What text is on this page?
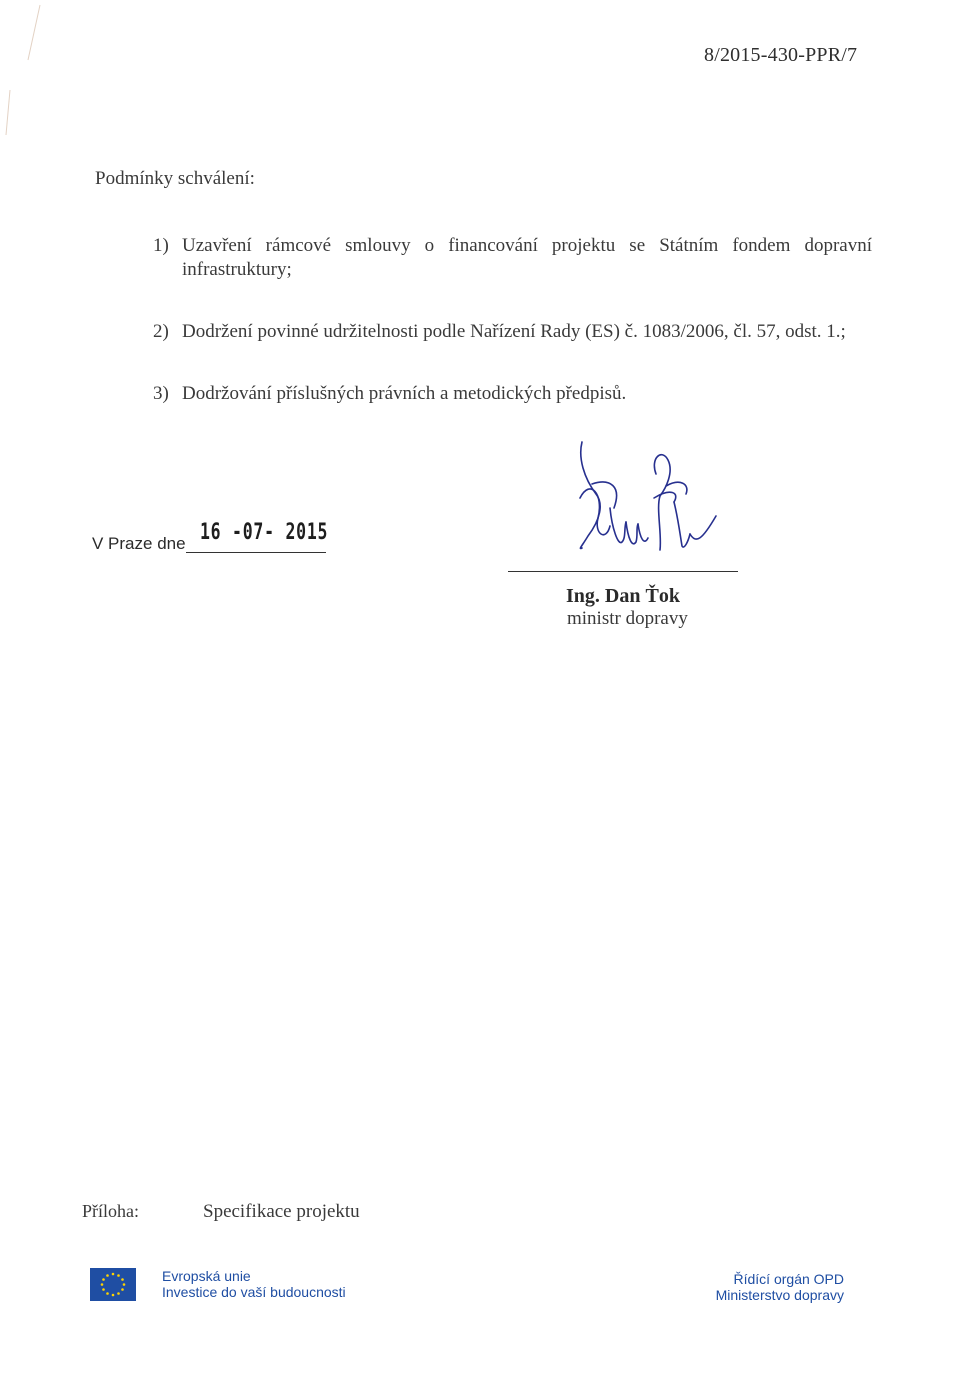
8/2015-430-PPR/7
Podmínky schválení:
1) Uzavření rámcové smlouvy o financování projektu se Státním fondem dopravní infrastruktury;
2) Dodržení povinné udržitelnosti podle Nařízení Rady (ES) č. 1083/2006, čl. 57, odst. 1.;
3) Dodržování příslušných právních a metodických předpisů.
V Praze dne 16 -07- 2015
Ing. Dan Ťok
ministr dopravy
Příloha:	Specifikace projektu
Evropská unie
Investice do vaší budoucnosti
Řídící orgán OPD
Ministerstvo dopravy
